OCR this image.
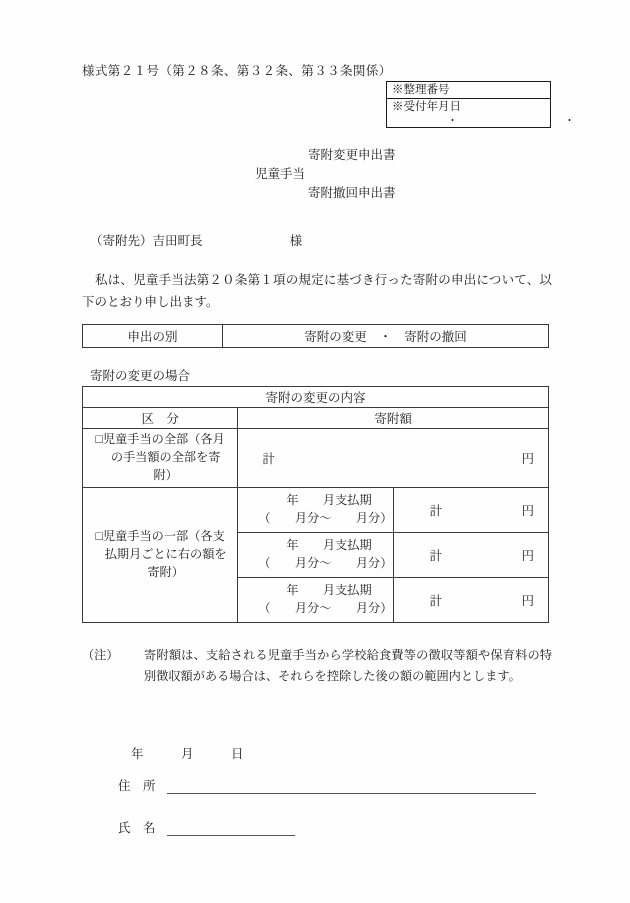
様式第２１号（第２８条、第３２条、第３３条関係）
※整理番号
※受付年月日
・　　・
寄附変更申出書
児童手当
寄附撤回申出書
（寄附先）吉田町長	様
私は、児童手当法第２０条第１項の規定に基づき行った寄附の申出について、以下のとおり申し出ます。
申出の別	寄附の変更　・　寄附の撤回
寄附の変更の場合
寄附の変更の内容		
区　分	寄附額	

□児童手当の全部（各月
の手当額の全部を寄
附）	計 円	

□児童手当の一部（各支
払期月ごとに右の額を
寄附）	年　　月支払期
（　　月分〜　　月分）	計 円

	年　　月支払期
（　　月分〜　　月分）	計 円

	年　　月支払期
（　　月分〜　　月分）	計 円
（注）	寄附額は、支給される児童手当から学校給食費等の徴収等額や保育料の特別徴収額がある場合は、それらを控除した後の額の範囲内とします。
年　　　月　　　日
住　所
氏　名
